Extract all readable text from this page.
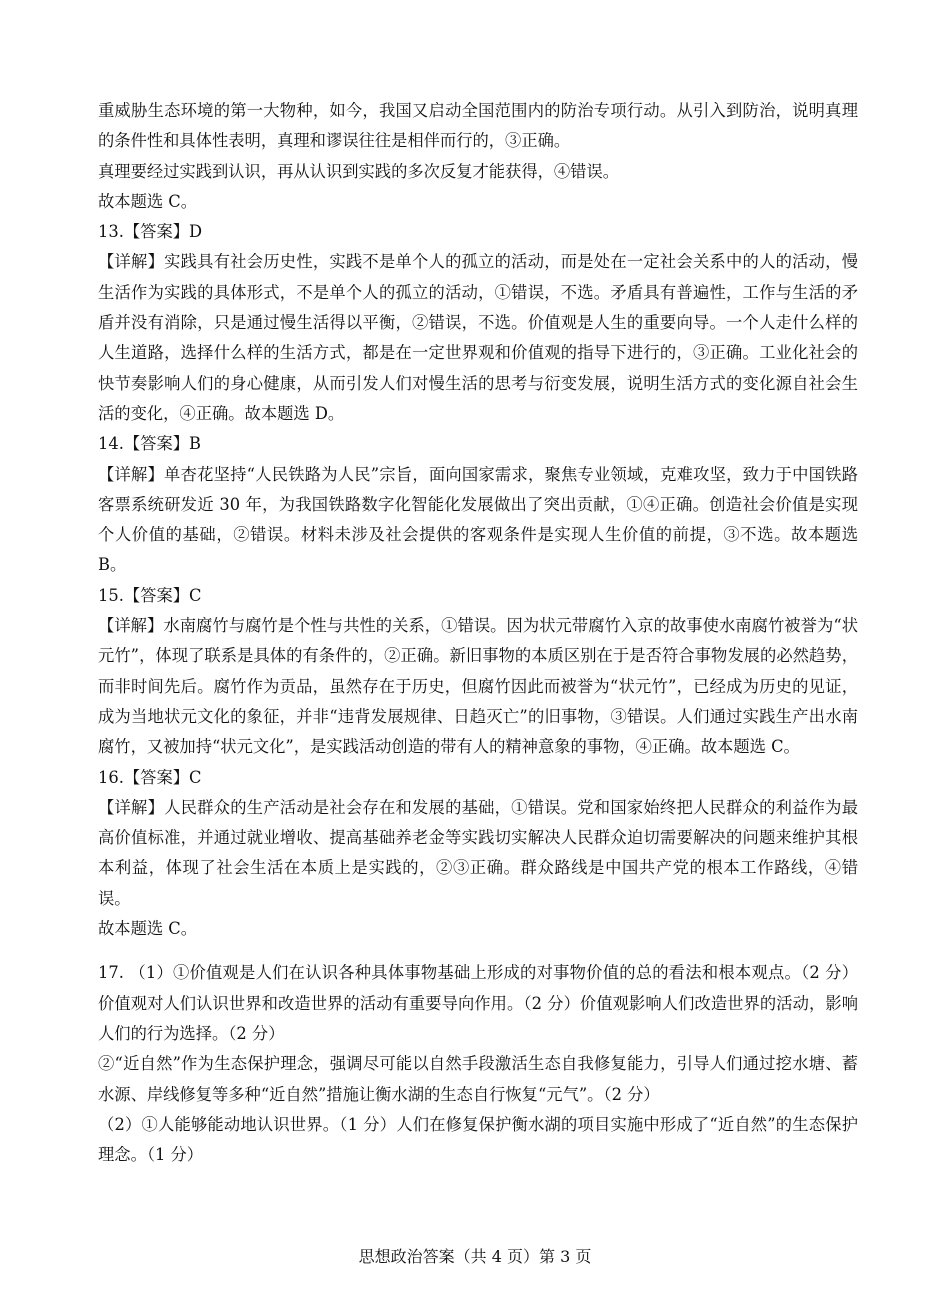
重威胁生态环境的第一大物种，如今，我国又启动全国范围内的防治专项行动。从引入到防治，说明真理的条件性和具体性表明，真理和谬误往往是相伴而行的，③正确。

真理要经过实践到认识，再从认识到实践的多次反复才能获得，④错误。

故本题选 C。

13.【答案】D

【详解】实践具有社会历史性，实践不是单个人的孤立的活动，而是处在一定社会关系中的人的活动，慢生活作为实践的具体形式，不是单个人的孤立的活动，①错误，不选。矛盾具有普遍性，工作与生活的矛盾并没有消除，只是通过慢生活得以平衡，②错误，不选。价值观是人生的重要向导。一个人走什么样的人生道路，选择什么样的生活方式，都是在一定世界观和价值观的指导下进行的，③正确。工业化社会的快节奏影响人们的身心健康，从而引发人们对慢生活的思考与衍变发展，说明生活方式的变化源自社会生活的变化，④正确。故本题选 D。

14.【答案】B

【详解】单杏花坚持“人民铁路为人民”宗旨，面向国家需求，聚焦专业领域，克难攻坚，致力于中国铁路客票系统研发近 30 年，为我国铁路数字化智能化发展做出了突出贡献，①④正确。创造社会价值是实现个人价值的基础，②错误。材料未涉及社会提供的客观条件是实现人生价值的前提，③不选。故本题选 B。

15.【答案】C

【详解】水南腐竹与腐竹是个性与共性的关系，①错误。因为状元带腐竹入京的故事使水南腐竹被誉为“状元竹”，体现了联系是具体的有条件的，②正确。新旧事物的本质区别在于是否符合事物发展的必然趋势，而非时间先后。腐竹作为贡品，虽然存在于历史，但腐竹因此而被誉为“状元竹”，已经成为历史的见证，成为当地状元文化的象征，并非“违背发展规律、日趋灭亡”的旧事物，③错误。人们通过实践生产出水南腐竹，又被加持“状元文化”，是实践活动创造的带有人的精神意象的事物，④正确。故本题选 C。

16.【答案】C

【详解】人民群众的生产活动是社会存在和发展的基础，①错误。党和国家始终把人民群众的利益作为最高价值标准，并通过就业增收、提高基础养老金等实践切实解决人民群众迫切需要解决的问题来维护其根本利益，体现了社会生活在本质上是实践的，②③正确。群众路线是中国共产党的根本工作路线，④错误。

故本题选 C。

17. （1）①价值观是人们在认识各种具体事物基础上形成的对事物价值的总的看法和根本观点。（2 分）价值观对人们认识世界和改造世界的活动有重要导向作用。（2 分）价值观影响人们改造世界的活动，影响人们的行为选择。（2 分）

②“近自然”作为生态保护理念，强调尽可能以自然手段激活生态自我修复能力，引导人们通过挖水塘、蓄水源、岸线修复等多种“近自然”措施让衡水湖的生态自行恢复“元气”。（2 分）

（2）①人能够能动地认识世界。（1 分）人们在修复保护衡水湖的项目实施中形成了“近自然”的生态保护理念。（1 分）

思想政治答案（共 4 页）第 3 页
